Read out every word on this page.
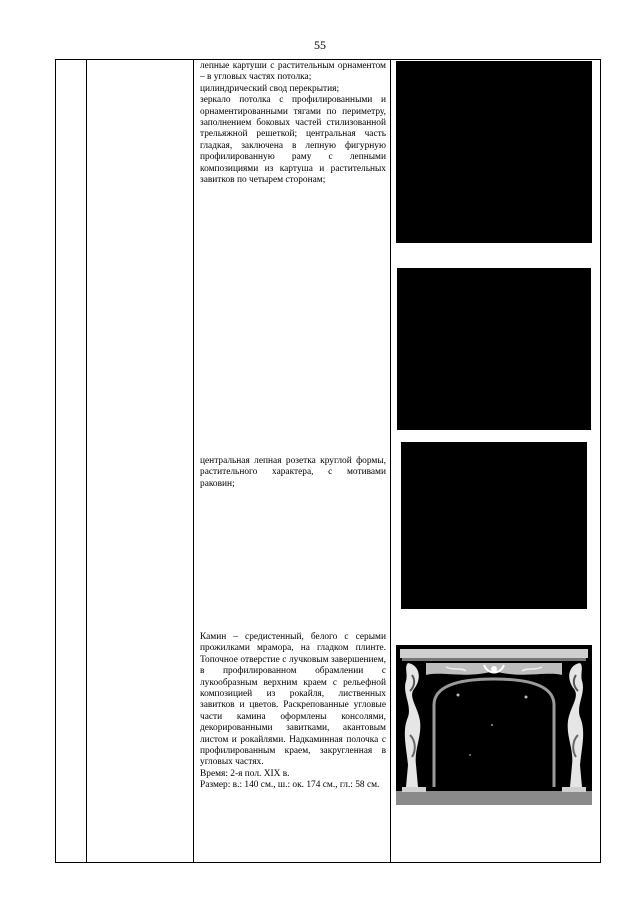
55

лепные картуши с растительным орнаментом – в угловых частях потолка;

цилиндрический свод перекрытия;

зеркало потолка с профилированными и орнаментированными тягами по периметру, заполнением боковых частей стилизованной трельяжной решеткой; центральная часть гладкая, заключена в лепную фигурную профилированную раму с лепными композициями из картуша и растительных завитков по четырем сторонам;

центральная лепная розетка круглой формы, растительного характера, с мотивами раковин;

Камин – средистенный, белого с серыми прожилками мрамора, на гладком плинте. Топочное отверстие с лучковым завершением, в профилированном обрамлении с лукообразным верхним краем с рельефной композицией из рокайля, лиственных завитков и цветов. Раскрепованные угловые части камина оформлены консолями, декорированными завитками, акантовым листом и рокайлями. Надкаминная полочка с профилированным краем, закругленная в угловых частях.

Время: 2-я пол. XIX в.

Размер: в.: 140 см., ш.: ок. 174 см., гл.: 58 см.
